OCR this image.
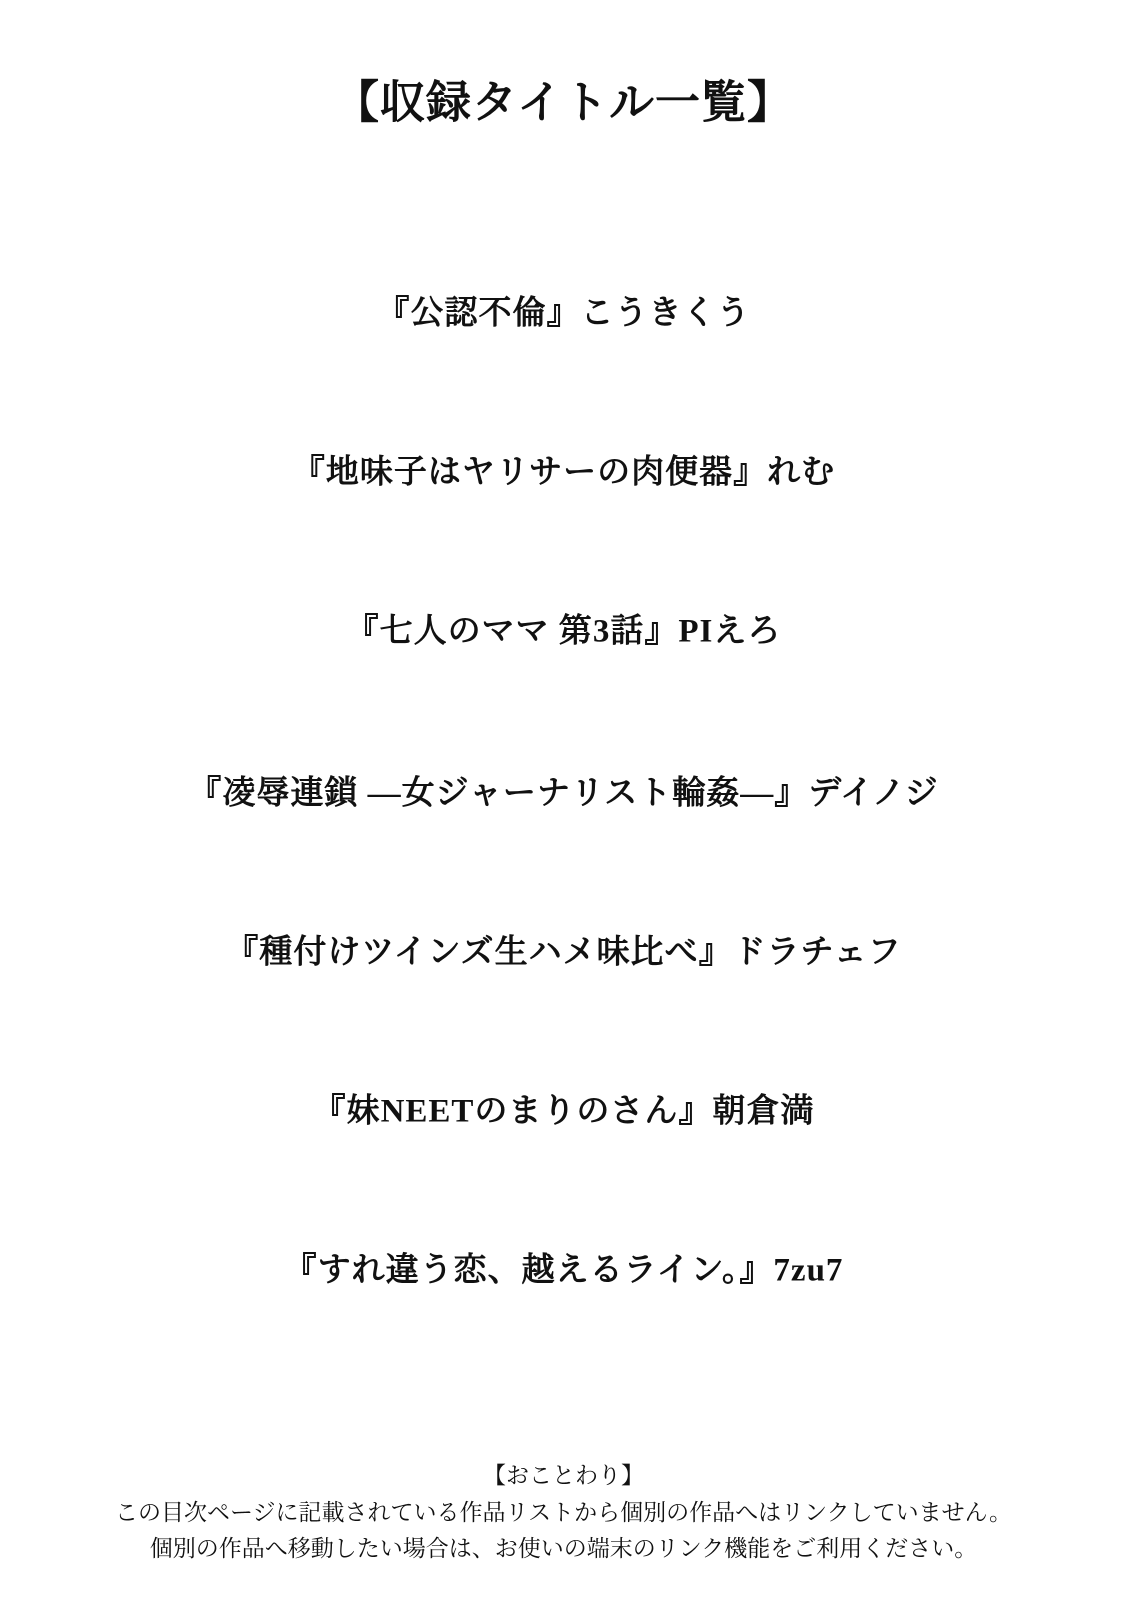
【収録タイトル一覧】
『公認不倫』こうきくう
『地味子はヤリサーの肉便器』れむ
『七人のママ 第3話』PIえろ
『凌辱連鎖 ―女ジャーナリスト輪姦―』デイノジ
『種付けツインズ生ハメ味比べ』ドラチェフ
『妹NEETのまりのさん』朝倉満
『すれ違う恋、越えるライン。』7zu7
【おことわり】
この目次ページに記載されている作品リストから個別の作品へはリンクしていません。
個別の作品へ移動したい場合は、お使いの端末のリンク機能をご利用ください。
